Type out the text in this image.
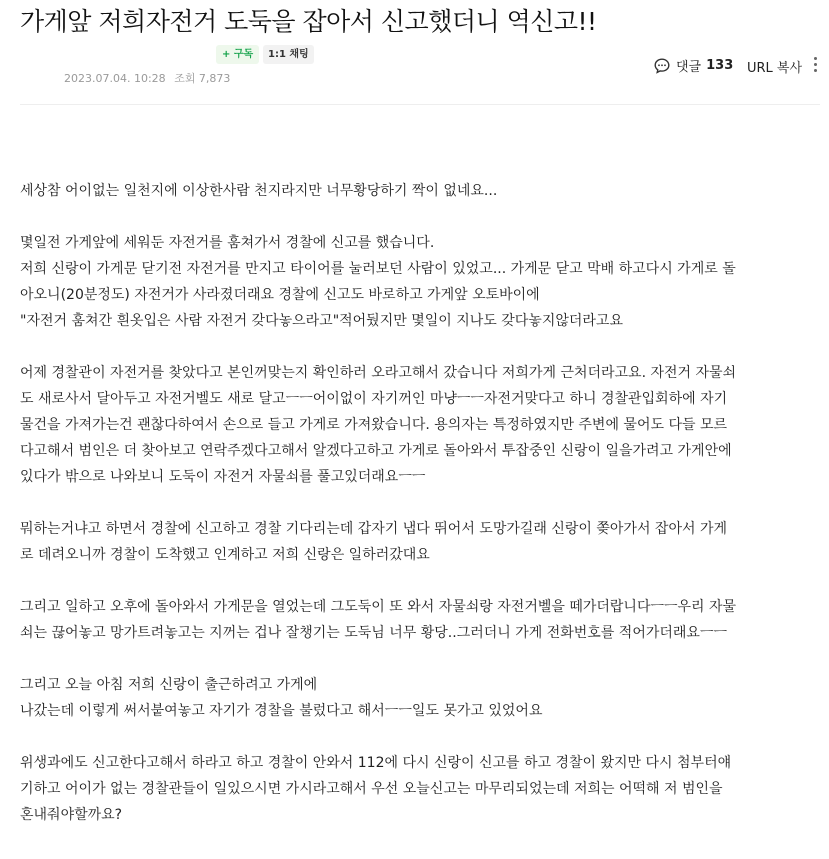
가게앞 저희자전거 도둑을 잡아서 신고했더니 역신고!!
+ 구독	1:1 채팅
2023.07.04. 10:28 조회 7,873
댓글 133 URL 복사

세상참 어이없는 일천지에 이상한사람 천지라지만 너무황당하기 짝이 없네요...

몇일전 가게앞에 세워둔 자전거를 훔쳐가서 경찰에 신고를 했습니다.
저희 신랑이 가게문 닫기전 자전거를 만지고 타이어를 눌러보던 사람이 있었고... 가게문 닫고 막배 하고다시 가게로 돌
아오니(20분정도) 자전거가 사라졌더래요 경찰에 신고도 바로하고 가게앞 오토바이에
"자전거 훔쳐간 흰옷입은 사람 자전거 갖다놓으라고"적어뒀지만 몇일이 지나도 갖다놓지않더라고요

어제 경찰관이 자전거를 찾았다고 본인꺼맞는지 확인하러 오라고해서 갔습니다 저희가게 근처더라고요. 자전거 자물쇠
도 새로사서 달아두고 자전거벨도 새로 달고ㅡㅡ어이없이 자기꺼인 마냥ㅡㅡ자전거맞다고 하니 경찰관입회하에 자기
물건을 가져가는건 괜찮다하여서 손으로 들고 가게로 가져왔습니다. 용의자는 특정하였지만 주변에 물어도 다들 모르
다고해서 범인은 더 찾아보고 연락주겠다고해서 알겠다고하고 가게로 돌아와서 투잡중인 신랑이 일을가려고 가게안에
있다가 밖으로 나와보니 도둑이 자전거 자물쇠를 풀고있더래요ㅡㅡ

뭐하는거냐고 하면서 경찰에 신고하고 경찰 기다리는데 갑자기 냅다 뛰어서 도망가길래 신랑이 쫒아가서 잡아서 가게
로 데려오니까 경찰이 도착했고 인계하고 저희 신랑은 일하러갔대요

그리고 일하고 오후에 돌아와서 가게문을 열었는데 그도둑이 또 와서 자물쇠랑 자전거벨을 떼가더랍니다ㅡㅡ우리 자물
쇠는 끊어놓고 망가트려놓고는 지꺼는 겁나 잘챙기는 도둑님 너무 황당..그러더니 가게 전화번호를 적어가더래요ㅡㅡ

그리고 오늘 아침 저희 신랑이 출근하려고 가게에
나갔는데 이렇게 써서붙여놓고 자기가 경찰을 불렀다고 해서ㅡㅡ일도 못가고 있었어요

위생과에도 신고한다고해서 하라고 하고 경찰이 안와서 112에 다시 신랑이 신고를 하고 경찰이 왔지만 다시 첨부터얘
기하고 어이가 없는 경찰관들이 일있으시면 가시라고해서 우선 오늘신고는 마무리되었는데 저희는 어떡해 저 범인을
혼내줘야할까요?
